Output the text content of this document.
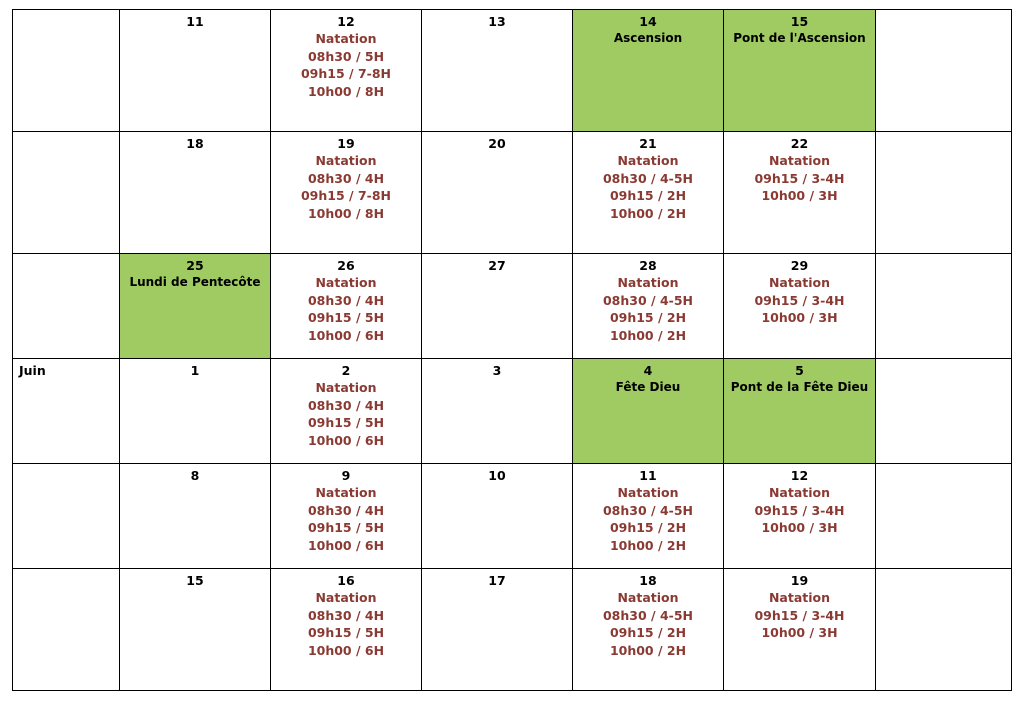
	11	12
Natation
08h30 / 5H
09h15 / 7-8H
10h00 / 8H	13	14
Ascension	15
Pont de l'Ascension	

	18	19
Natation
08h30 / 4H
09h15 / 7-8H
10h00 / 8H	20	21
Natation
08h30 / 4-5H
09h15 / 2H
10h00 / 2H	22
Natation
09h15 / 3-4H
10h00 / 3H	

	25
Lundi de Pentecôte	26
Natation
08h30 / 4H
09h15 / 5H
10h00 / 6H	27	28
Natation
08h30 / 4-5H
09h15 / 2H
10h00 / 2H	29
Natation
09h15 / 3-4H
10h00 / 3H	

Juin	1	2
Natation
08h30 / 4H
09h15 / 5H
10h00 / 6H	3	4
Fête Dieu	5
Pont de la Fête Dieu	

	8	9
Natation
08h30 / 4H
09h15 / 5H
10h00 / 6H	10	11
Natation
08h30 / 4-5H
09h15 / 2H
10h00 / 2H	12
Natation
09h15 / 3-4H
10h00 / 3H	

	15	16
Natation
08h30 / 4H
09h15 / 5H
10h00 / 6H	17	18
Natation
08h30 / 4-5H
09h15 / 2H
10h00 / 2H	19
Natation
09h15 / 3-4H
10h00 / 3H	
